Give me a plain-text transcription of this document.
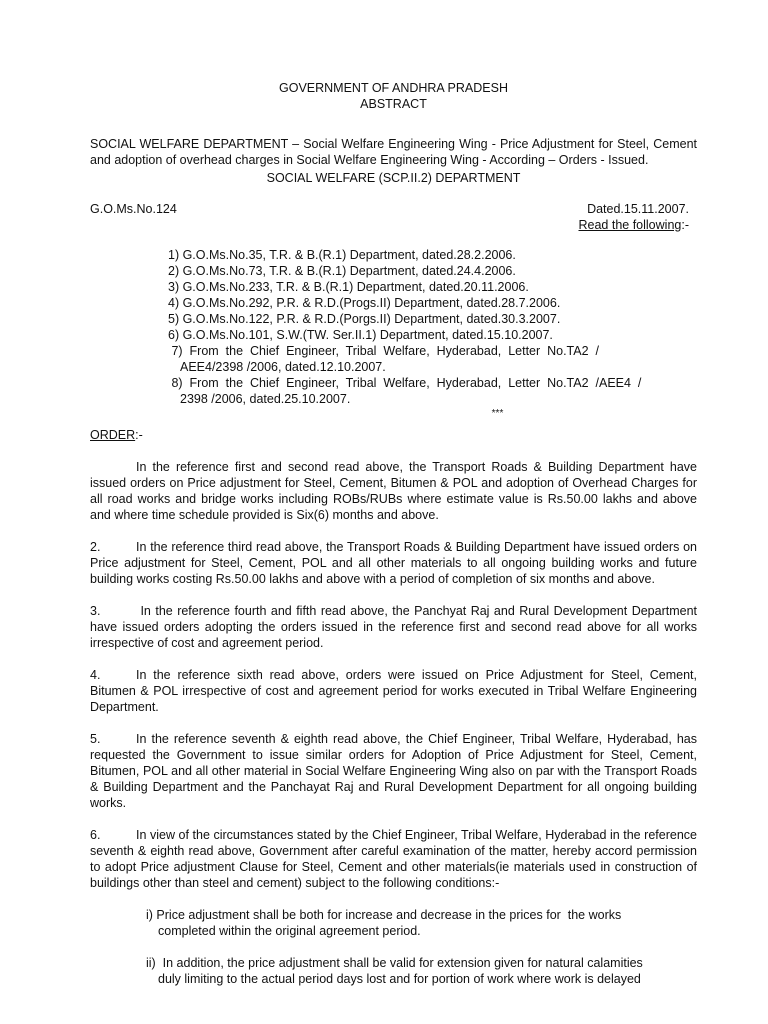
GOVERNMENT OF ANDHRA PRADESH
ABSTRACT
SOCIAL WELFARE DEPARTMENT – Social Welfare Engineering Wing - Price Adjustment for Steel, Cement and adoption of overhead charges in Social Welfare Engineering Wing - According – Orders - Issued.
SOCIAL WELFARE (SCP.II.2) DEPARTMENT
G.O.Ms.No.124	Dated.15.11.2007.
Read the following:-
1) G.O.Ms.No.35, T.R. & B.(R.1) Department, dated.28.2.2006.
2) G.O.Ms.No.73, T.R. & B.(R.1) Department, dated.24.4.2006.
3) G.O.Ms.No.233, T.R. & B.(R.1) Department, dated.20.11.2006.
4) G.O.Ms.No.292, P.R. & R.D.(Progs.II) Department, dated.28.7.2006.
5) G.O.Ms.No.122, P.R. & R.D.(Porgs.II) Department, dated.30.3.2007.
6) G.O.Ms.No.101, S.W.(TW. Ser.II.1) Department, dated.15.10.2007.
7)  From  the  Chief  Engineer,  Tribal  Welfare,  Hyderabad,  Letter  No.TA2  /
AEE4/2398 /2006, dated.12.10.2007.
8)  From  the  Chief  Engineer,  Tribal  Welfare,  Hyderabad,  Letter  No.TA2  /AEE4  /
2398 /2006, dated.25.10.2007.
***
ORDER:-
In the reference first and second read above, the Transport Roads & Building Department have issued orders on Price adjustment for Steel, Cement, Bitumen & POL and adoption of Overhead Charges for all road works and bridge works including ROBs/RUBs where estimate value is Rs.50.00 lakhs and above and where time schedule provided is Six(6) months and above.
2.	In the reference third read above, the Transport Roads & Building Department have issued orders on Price adjustment for Steel, Cement, POL and all other materials to all ongoing building works and future building works costing Rs.50.00 lakhs and above with a period of completion of six months and above.
3.	In the reference fourth and fifth read above, the Panchyat Raj and Rural Development Department have issued orders adopting the orders issued in the reference first and second read above for all works irrespective of cost and agreement period.
4.	In the reference sixth read above, orders were issued on Price Adjustment for Steel, Cement, Bitumen & POL irrespective of cost and agreement period for works executed in Tribal Welfare Engineering Department.
5.	In the reference seventh & eighth read above, the Chief Engineer, Tribal Welfare, Hyderabad, has requested the Government to issue similar orders for Adoption of Price Adjustment for Steel, Cement, Bitumen, POL and all other material in Social Welfare Engineering Wing also on par with the Transport Roads & Building Department and the Panchayat Raj and Rural Development Department for all ongoing building works.
6.	In view of the circumstances stated by the Chief Engineer, Tribal Welfare, Hyderabad in the reference seventh & eighth read above, Government after careful examination of the matter, hereby accord permission to adopt Price adjustment Clause for Steel, Cement and other materials(ie materials used in construction of buildings other than steel and cement) subject to the following conditions:-
i) Price adjustment shall be both for increase and decrease in the prices for  the works
completed within the original agreement period.
ii)  In addition, the price adjustment shall be valid for extension given for natural calamities
duly limiting to the actual period days lost and for portion of work where work is delayed
